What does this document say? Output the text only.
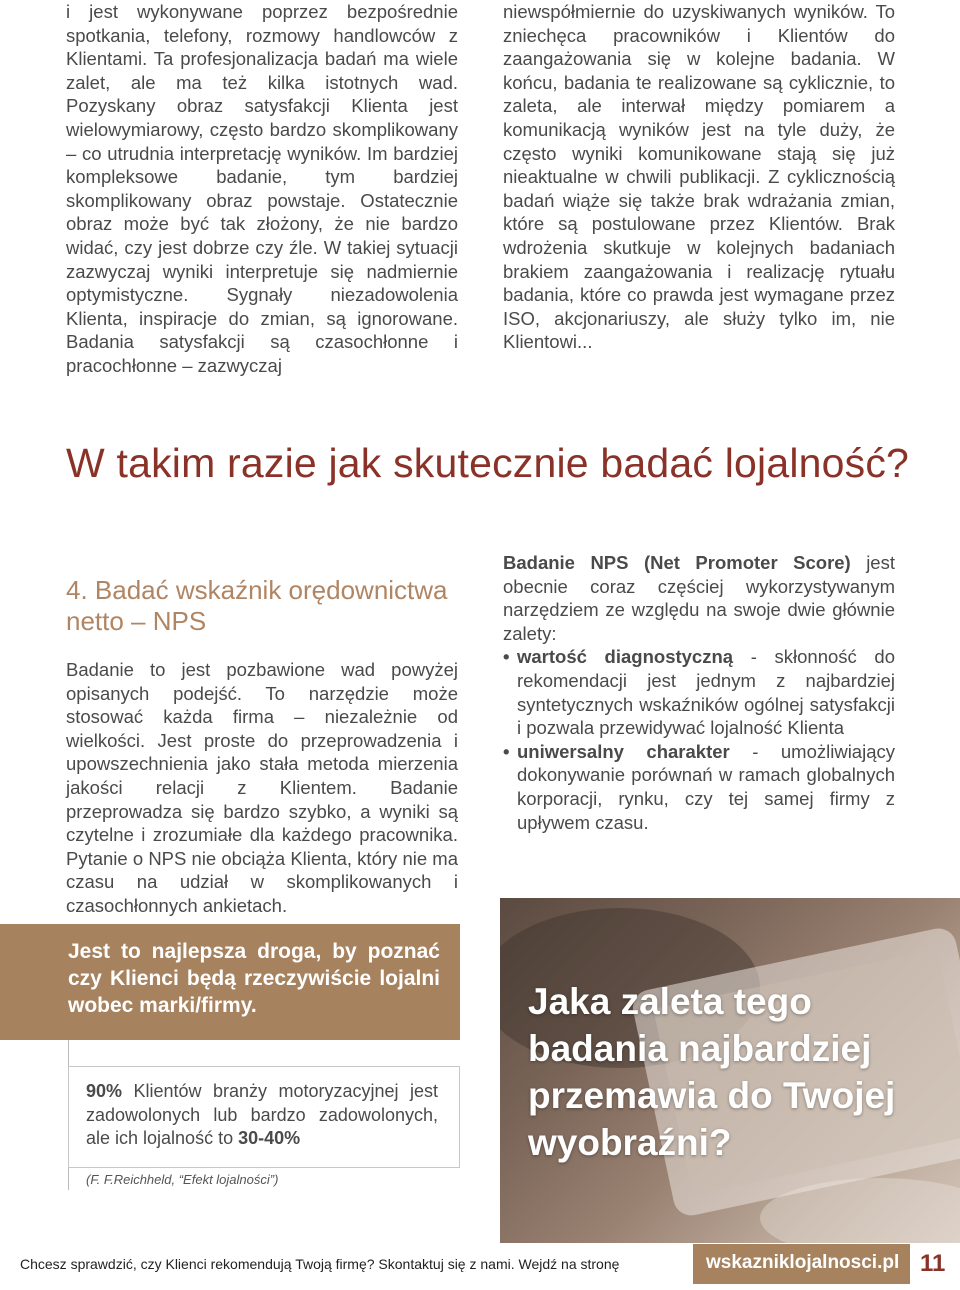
i jest wykonywane poprzez bezpośrednie spotkania, telefony, rozmowy handlowców z Klientami. Ta profesjonalizacja badań ma wiele zalet, ale ma też kilka istotnych wad. Pozyskany obraz satysfakcji Klienta jest wielowymiarowy, często bardzo skomplikowany – co utrudnia interpretację wyników. Im bardziej kompleksowe badanie, tym bardziej skomplikowany obraz powstaje. Ostatecznie obraz może być tak złożony, że nie bardzo widać, czy jest dobrze czy źle. W takiej sytuacji zazwyczaj wyniki interpretuje się nadmiernie optymistyczne. Sygnały niezadowolenia Klienta, inspiracje do zmian, są ignorowane. Badania satysfakcji są czasochłonne i pracochłonne – zazwyczaj

niewspółmiernie do uzyskiwanych wyników. To zniechęca pracowników i Klientów do zaangażowania się w kolejne badania. W końcu, badania te realizowane są cyklicznie, to zaleta, ale interwał między pomiarem a komunikacją wyników jest na tyle duży, że często wyniki komunikowane stają się już nieaktualne w chwili publikacji. Z cyklicznością badań wiąże się także brak wdrażania zmian, które są postulowane przez Klientów. Brak wdrożenia skutkuje w kolejnych badaniach brakiem zaangażowania i realizację rytuału badania, które co prawda jest wymagane przez ISO, akcjonariuszy, ale służy tylko im, nie Klientowi...

W takim razie jak skutecznie badać lojalność?
4. Badać wskaźnik orędownictwa netto – NPS

Badanie to jest pozbawione wad powyżej opisanych podejść. To narzędzie może stosować każda firma – niezależnie od wielkości. Jest proste do przeprowadzenia i upowszechnienia jako stała metoda mierzenia jakości relacji z Klientem. Badanie przeprowadza się bardzo szybko, a wyniki są czytelne i zrozumiałe dla każdego pracownika. Pytanie o NPS nie obciąża Klienta, który nie ma czasu na udział w skomplikowanych i czasochłonnych ankietach.

Badanie NPS (Net Promoter Score) jest obecnie coraz częściej wykorzystywanym narzędziem ze względu na swoje dwie głównie zalety:

• wartość diagnostyczną - skłonność do rekomendacji jest jednym z najbardziej syntetycznych wskaźników ogólnej satysfakcji i pozwala przewidywać lojalność Klienta
• uniwersalny charakter - umożliwiający dokonywanie porównań w ramach globalnych korporacji, rynku, czy tej samej firmy z upływem czasu.
Jest to najlepsza droga, by poznać czy Klienci będą rzeczywiście lojalni wobec marki/firmy.
90% Klientów branży motoryzacyjnej jest zadowolonych lub bardzo zadowolonych, ale ich lojalność to 30-40%
(F. F.Reichheld, “Efekt lojalności”)
Jaka zaleta tego badania najbardziej przemawia do Twojej wyobraźni?
Chcesz sprawdzić, czy Klienci rekomendują Twoją firmę? Skontaktuj się z nami. Wejdź na stronę	wskazniklojalnosci.pl 11
